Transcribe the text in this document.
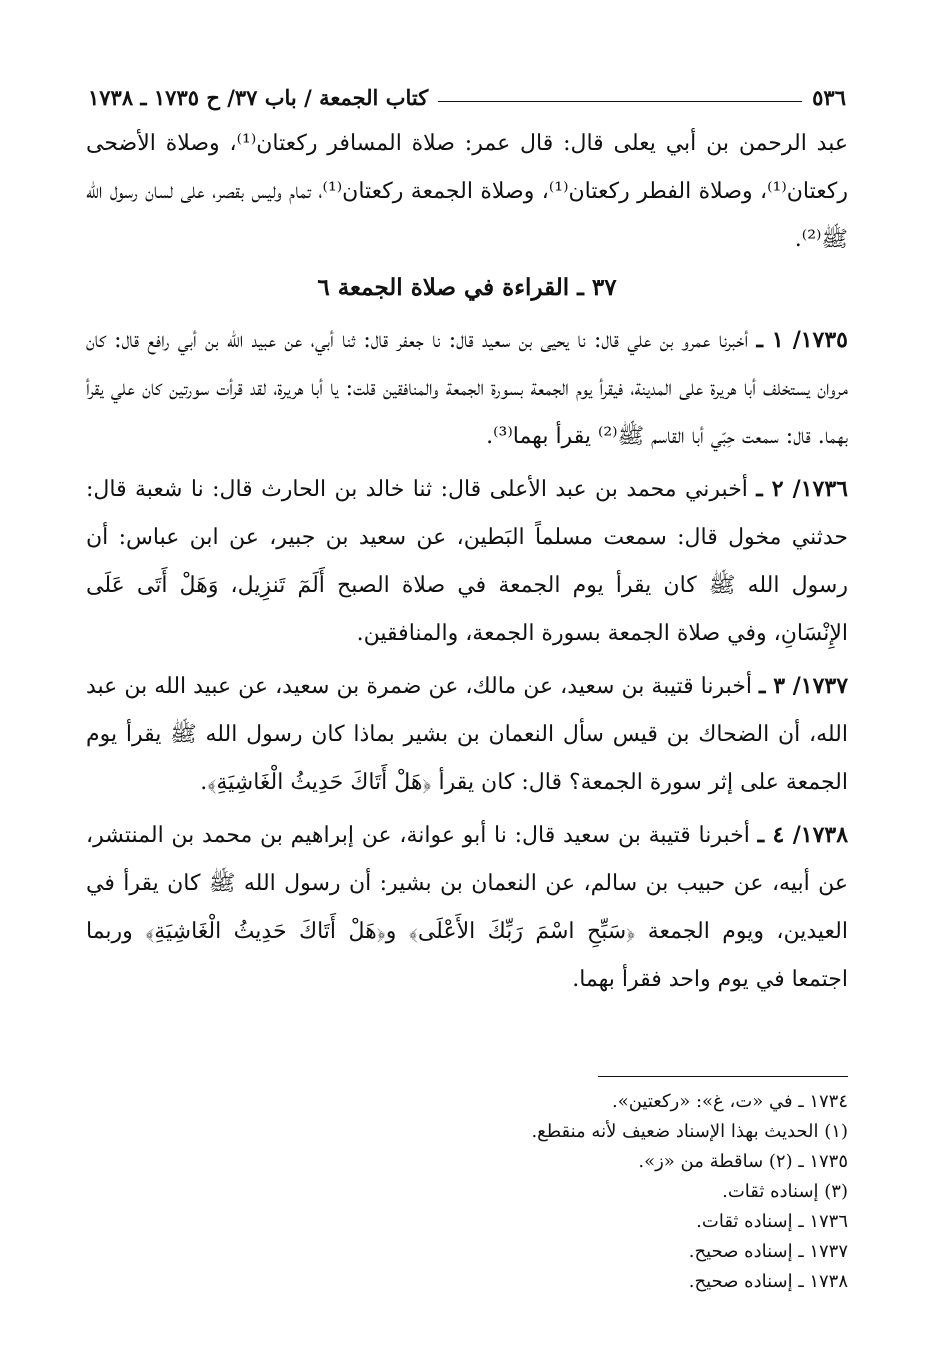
٥٣٦
كتاب الجمعة / باب ٣٧/ ح ١٧٣٥ ـ ١٧٣٨

عبد الرحمن بن أبي يعلى قال: قال عمر: صلاة المسافر ركعتان⁽¹⁾، وصلاة الأضحى ركعتان⁽¹⁾، وصلاة الفطر ركعتان⁽¹⁾، وصلاة الجمعة ركعتان⁽¹⁾، تمام وليس بقصر، على لسان رسول الله ﷺ⁽²⁾.

٣٧ ـ القراءة في صلاة الجمعة ٦

١٧٣٥/ ١ ـ أخبرنا عمرو بن علي قال: نا يحيى بن سعيد قال: نا جعفر قال: ثنا أبي، عن عبيد الله بن أبي رافع قال: كان مروان يستخلف أبا هريرة على المدينة، فيقرأ يوم الجمعة بسورة الجمعة والمنافقين قلت: يا أبا هريرة، لقد قرأت سورتين كان علي يقرأ بهما. قال: سمعت حِبّي أبا القاسم ﷺ⁽²⁾ يقرأ بهما⁽³⁾.

١٧٣٦/ ٢ ـ أخبرني محمد بن عبد الأعلى قال: ثنا خالد بن الحارث قال: نا شعبة قال: حدثني مخول قال: سمعت مسلماً البَطين، عن سعيد بن جبير، عن ابن عباس: أن رسول الله ﷺ كان يقرأ يوم الجمعة في صلاة الصبح أَلَمٓ تَنزِيل، وَهَلْ أَتَى عَلَى الإِنْسَانِ، وفي صلاة الجمعة بسورة الجمعة، والمنافقين.

١٧٣٧/ ٣ ـ أخبرنا قتيبة بن سعيد، عن مالك، عن ضمرة بن سعيد، عن عبيد الله بن عبد الله، أن الضحاك بن قيس سأل النعمان بن بشير بماذا كان رسول الله ﷺ يقرأ يوم الجمعة على إثر سورة الجمعة؟ قال: كان يقرأ ﴿هَلْ أَتَاكَ حَدِيثُ الْغَاشِيَةِ﴾.

١٧٣٨/ ٤ ـ أخبرنا قتيبة بن سعيد قال: نا أبو عوانة، عن إبراهيم بن محمد بن المنتشر، عن أبيه، عن حبيب بن سالم، عن النعمان بن بشير: أن رسول الله ﷺ كان يقرأ في العيدين، ويوم الجمعة ﴿سَبِّحِ اسْمَ رَبِّكَ الأَعْلَى﴾ و﴿هَلْ أَتَاكَ حَدِيثُ الْغَاشِيَةِ﴾ وربما اجتمعا في يوم واحد فقرأ بهما.

١٧٣٤ ـ في «ت، غ»: «ركعتين».

(١) الحديث بهذا الإسناد ضعيف لأنه منقطع.

١٧٣٥ ـ (٢) ساقطة من «ز».

(٣) إسناده ثقات.

١٧٣٦ ـ إسناده ثقات.

١٧٣٧ ـ إسناده صحيح.

١٧٣٨ ـ إسناده صحيح.
